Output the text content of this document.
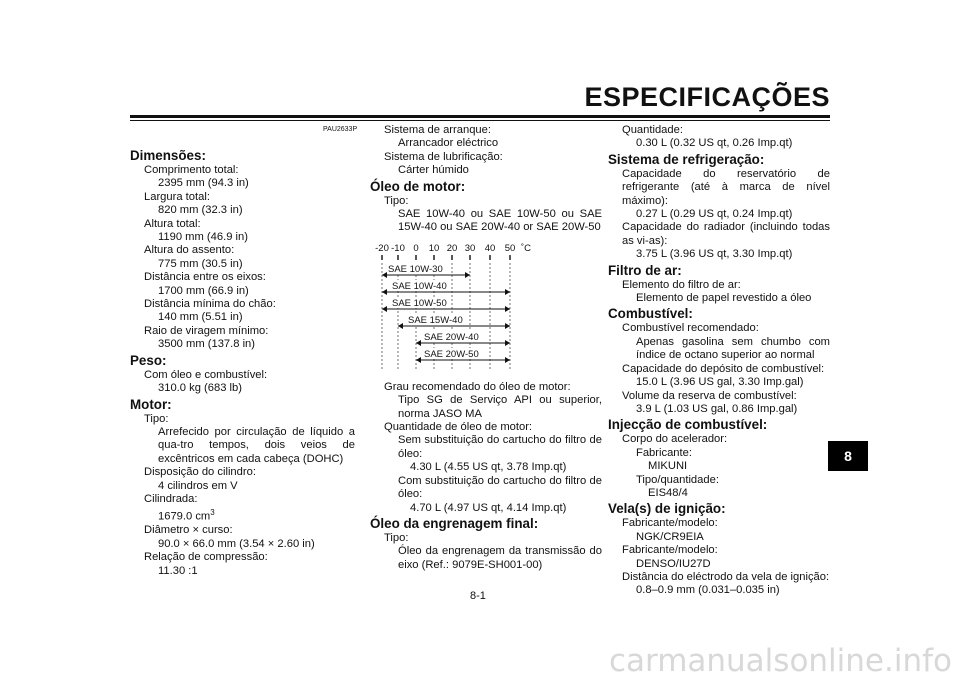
ESPECIFICAÇÕES
PAU2633P
Dimensões:
Comprimento total:
2395 mm (94.3 in)
Largura total:
820 mm (32.3 in)
Altura total:
1190 mm (46.9 in)
Altura do assento:
775 mm (30.5 in)
Distância entre os eixos:
1700 mm (66.9 in)
Distância mínima do chão:
140 mm (5.51 in)
Raio de viragem mínimo:
3500 mm (137.8 in)
Peso:
Com óleo e combustível:
310.0 kg (683 lb)
Motor:
Tipo:
Arrefecido por circulação de líquido a qua-tro tempos, dois veios de excêntricos em cada cabeça (DOHC)
Disposição do cilindro:
4 cilindros em V
Cilindrada:
1679.0 $cm^3$
Diâmetro × curso:
90.0 × 66.0 mm (3.54 × 2.60 in)
Relação de compressão:
11.30 :1
Sistema de arranque:
Arrancador eléctrico
Sistema de lubrificação:
Cárter húmido
Óleo de motor:
Tipo:
SAE 10W-40 ou SAE 10W-50 ou SAE 15W-40 ou SAE 20W-40 or SAE 20W-50
-20 -10 0 10 20 30 40 50 ˚C
SAE 10W-30
SAE 10W-40
SAE 10W-50
SAE 15W-40
SAE 20W-40
SAE 20W-50
Grau recomendado do óleo de motor:
Tipo SG de Serviço API ou superior, norma JASO MA
Quantidade de óleo de motor:
Sem substituição do cartucho do filtro de óleo:
4.30 L (4.55 US qt, 3.78 Imp.qt)
Com substituição do cartucho do filtro de óleo:
4.70 L (4.97 US qt, 4.14 Imp.qt)
Óleo da engrenagem final:
Tipo:
Óleo da engrenagem da transmissão do eixo (Ref.: 9079E-SH001-00)
Quantidade:
0.30 L (0.32 US qt, 0.26 Imp.qt)
Sistema de refrigeração:
Capacidade do reservatório de refrigerante (até à marca de nível máximo):
0.27 L (0.29 US qt, 0.24 Imp.qt)
Capacidade do radiador (incluindo todas as vi-as):
3.75 L (3.96 US qt, 3.30 Imp.qt)
Filtro de ar:
Elemento do filtro de ar:
Elemento de papel revestido a óleo
Combustível:
Combustível recomendado:
Apenas gasolina sem chumbo com índice de octano superior ao normal
Capacidade do depósito de combustível:
15.0 L (3.96 US gal, 3.30 Imp.gal)
Volume da reserva de combustível:
3.9 L (1.03 US gal, 0.86 Imp.gal)
Injecção de combustível:
Corpo do acelerador:
Fabricante:
MIKUNI
Tipo/quantidade:
EIS48/4
Vela(s) de ignição:
Fabricante/modelo:
NGK/CR9EIA
Fabricante/modelo:
DENSO/IU27D
Distância do eléctrodo da vela de ignição:
0.8–0.9 mm (0.031–0.035 in)
8
8-1
carmanualsonline.info
